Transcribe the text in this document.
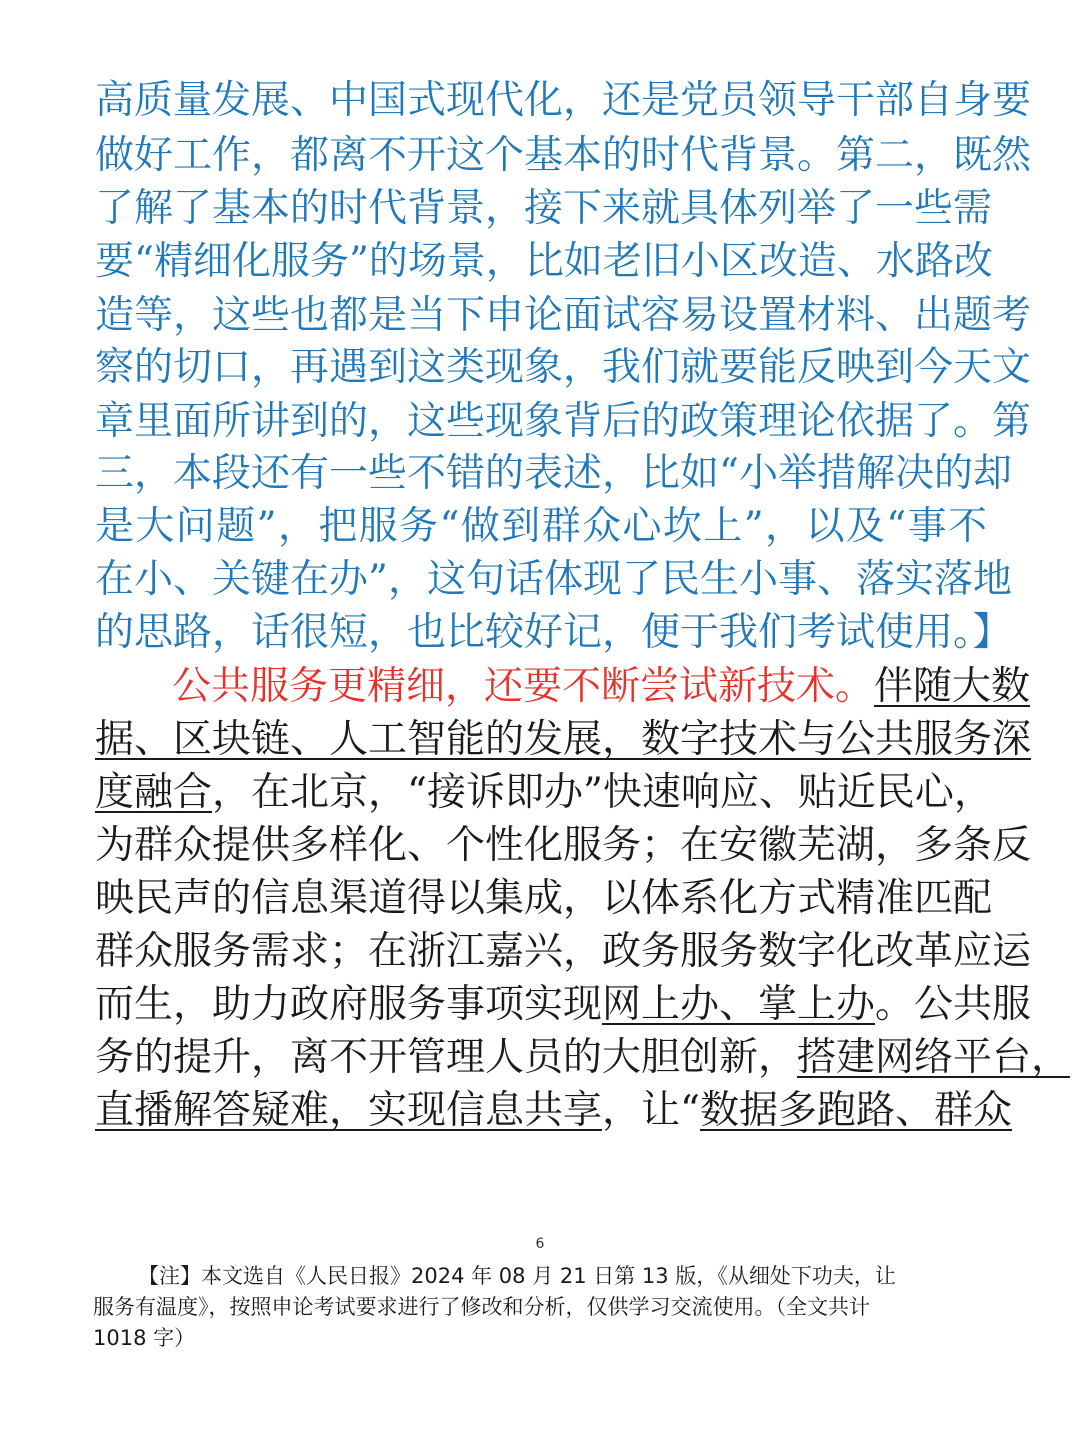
高质量发展、中国式现代化，还是党员领导干部自身要
做好工作，都离不开这个基本的时代背景。第二，既然
了解了基本的时代背景，接下来就具体列举了一些需
要“精细化服务”的场景，比如老旧小区改造、水路改
造等，这些也都是当下申论面试容易设置材料、出题考
察的切口，再遇到这类现象，我们就要能反映到今天文
章里面所讲到的，这些现象背后的政策理论依据了。第
三，本段还有一些不错的表述，比如“小举措解决的却
是大问题”，把服务“做到群众心坎上”，以及“事不
在小、关键在办”，这句话体现了民生小事、落实落地
的思路，话很短，也比较好记，便于我们考试使用。】
公共服务更精细，还要不断尝试新技术。伴随大数
据、区块链、人工智能的发展，数字技术与公共服务深
度融合，在北京，“接诉即办”快速响应、贴近民心，
为群众提供多样化、个性化服务；在安徽芜湖，多条反
映民声的信息渠道得以集成，以体系化方式精准匹配
群众服务需求；在浙江嘉兴，政务服务数字化改革应运
而生，助力政府服务事项实现网上办、掌上办。公共服
务的提升，离不开管理人员的大胆创新，搭建网络平台，
直播解答疑难，实现信息共享，让“数据多跑路、群众
6
【注】本文选自《人民日报》2024 年 08 月 21 日第 13 版，《从细处下功夫，让
服务有温度》，按照申论考试要求进行了修改和分析，仅供学习交流使用。（全文共计
1018 字）
